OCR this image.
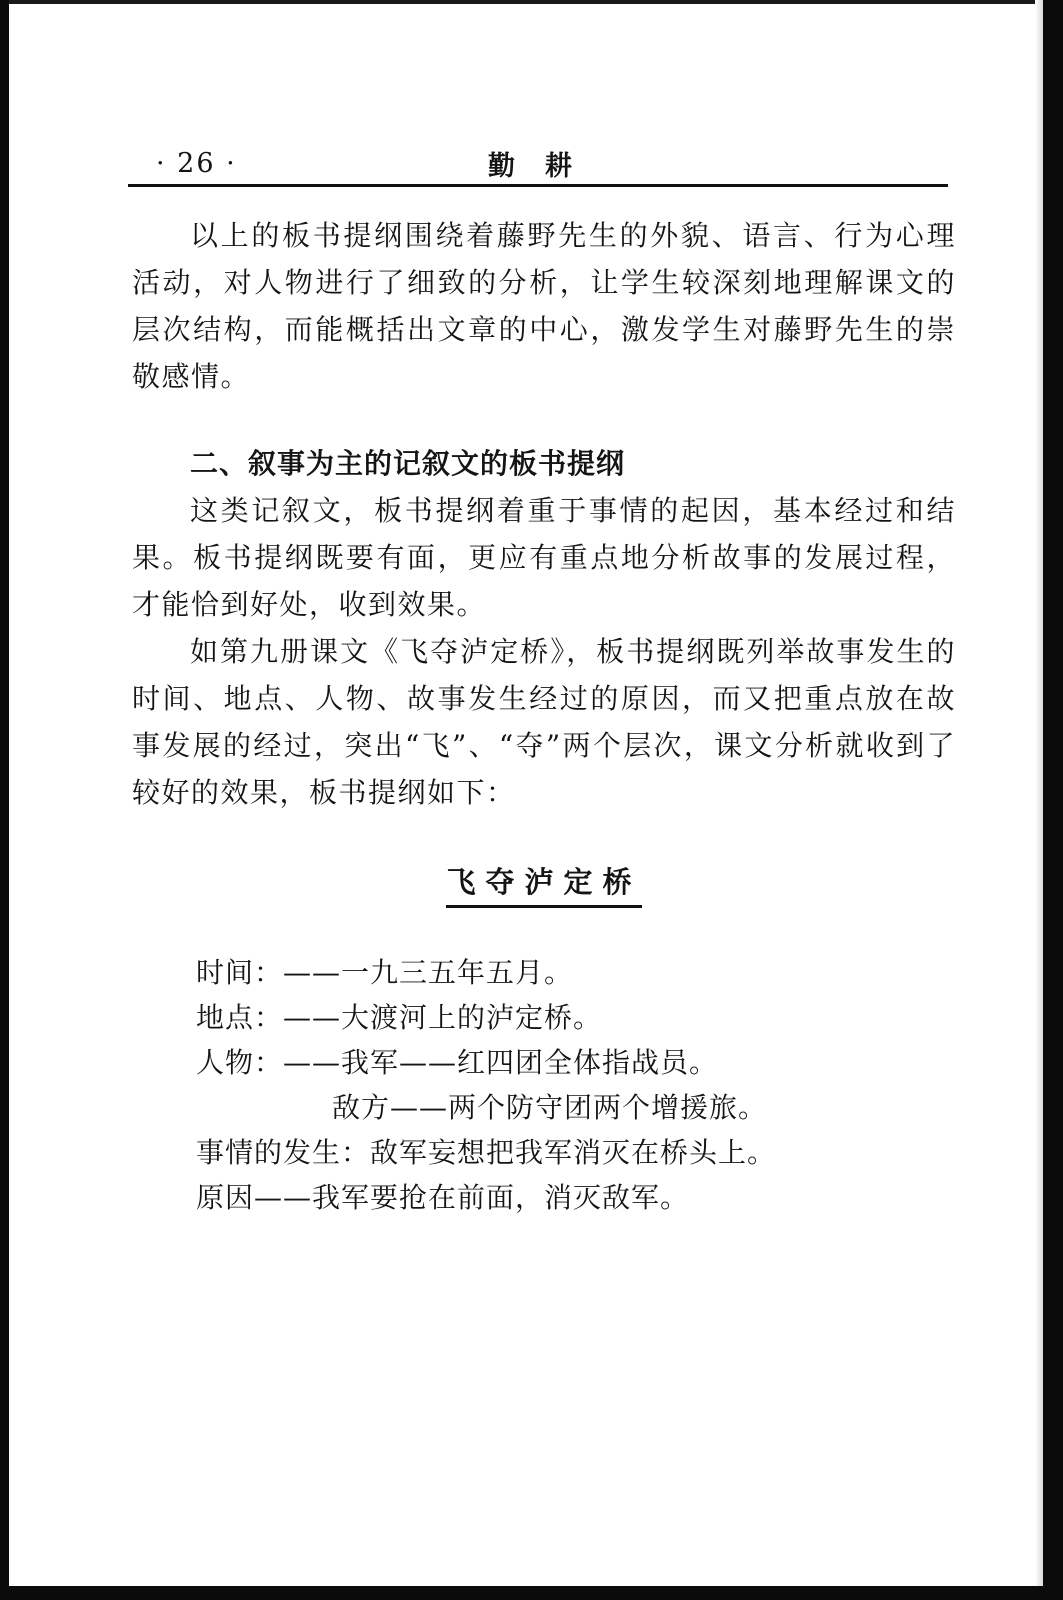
· 26 ·	勤耕

以上的板书提纲围绕着藤野先生的外貌、语言、行为心理活动，对人物进行了细致的分析，让学生较深刻地理解课文的层次结构，而能概括出文章的中心，激发学生对藤野先生的崇敬感情。

二、叙事为主的记叙文的板书提纲

这类记叙文，板书提纲着重于事情的起因，基本经过和结果。板书提纲既要有面，更应有重点地分析故事的发展过程，才能恰到好处，收到效果。

如第九册课文《飞夺泸定桥》，板书提纲既列举故事发生的时间、地点、人物、故事发生经过的原因，而又把重点放在故事发展的经过，突出“飞”、“夺”两个层次，课文分析就收到了较好的效果，板书提纲如下：

飞夺泸定桥
时间：——一九三五年五月。
地点：——大渡河上的泸定桥。
人物：——我军——红四团全体指战员。
敌方——两个防守团两个增援旅。
事情的发生：敌军妄想把我军消灭在桥头上。
原因——我军要抢在前面，消灭敌军。
